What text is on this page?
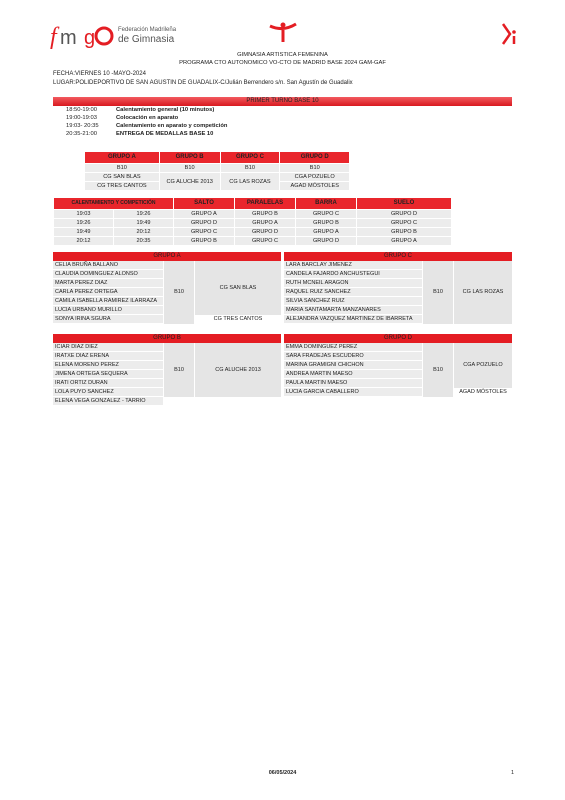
f m g	Federación Madrileña
de Gimnasia
GIMNASIA ARTISTICA FEMENINA
PROGRAMA CTO AUTONOMICO VO-CTO DE MADRID BASE 2024 GAM-GAF
FECHA:VIERNES 10 -MAYO-2024
LUGAR:POLIDEPORTIVO DE SAN AGUSTIN DE GUADALIX-C/Julián Berrendero s/n. San Agustín de Guadalix
PRIMER TURNO BASE 10
18:50-19:00	Calentamiento general (10 minutos)
19:00-19:03	Colocación en aparato
19:03- 20:35	Calentamiento en aparato y competición
20:35-21:00	ENTREGA DE MEDALLAS BASE 10
GRUPO A	GRUPO B	GRUPO C	GRUPO D
B10	B10	B10	B10
CG SAN BLAS	CG ALUCHE 2013	CG LAS ROZAS	CGA POZUELO
CG TRES CANTOS			AGAD MÓSTOLES
CALENTAMIENTO Y COMPETICIÓN		SALTO	PARALELAS	BARRA	SUELO
19:03	19:26	GRUPO A	GRUPO B	GRUPO C	GRUPO D
19:26	19:49	GRUPO D	GRUPO A	GRUPO B	GRUPO C
19:49	20:12	GRUPO C	GRUPO D	GRUPO A	GRUPO B
20:12	20:35	GRUPO B	GRUPO C	GRUPO D	GRUPO A
GRUPO A
CELIA BRUÑA BALLANO	B10	CG SAN BLAS
CLAUDIA DOMINGUEZ ALONSO		
MARTA PEREZ DIAZ		
CARLA PEREZ ORTEGA		
CAMILA ISABELLA RAMIREZ ILARRAZA		
LUCIA URBANO MURILLO		
SONYA IRINA SGURA		CG TRES CANTOS
GRUPO C
LARA BARCLAY JIMENEZ	B10	CG LAS ROZAS
CANDELA FAJARDO ANCHUSTEGUI
RUTH MCNEIL ARAGON
RAQUEL RUIZ SANCHEZ
SILVIA SANCHEZ RUIZ
MARIA SANTAMARTA MANZANARES
ALEJANDRA VAZQUEZ MARTINEZ DE IBARRETA
GRUPO B
ICIAR DIAZ DIEZ	B10	CG ALUCHE 2013
IRATXE DIAZ ERENA		
ELENA MORENO PEREZ		
JIMENA ORTEGA SEQUERA		
IRATI ORTIZ DURAN		
LOLA PUYO SANCHEZ		
ELENA VEGA GONZALEZ - TARRIO		
GRUPO D
EMMA DOMINGUEZ PEREZ	B10	CGA POZUELO
SARA FRADEJAS ESCUDERO		
MARINA GRAMIGNI CHICHON		
ANDREA MARTIN MAESO		
PAULA MARTIN MAESO		
LUCIA GARCIA CABALLERO		AGAD MÓSTOLES
06/05/2024	1
